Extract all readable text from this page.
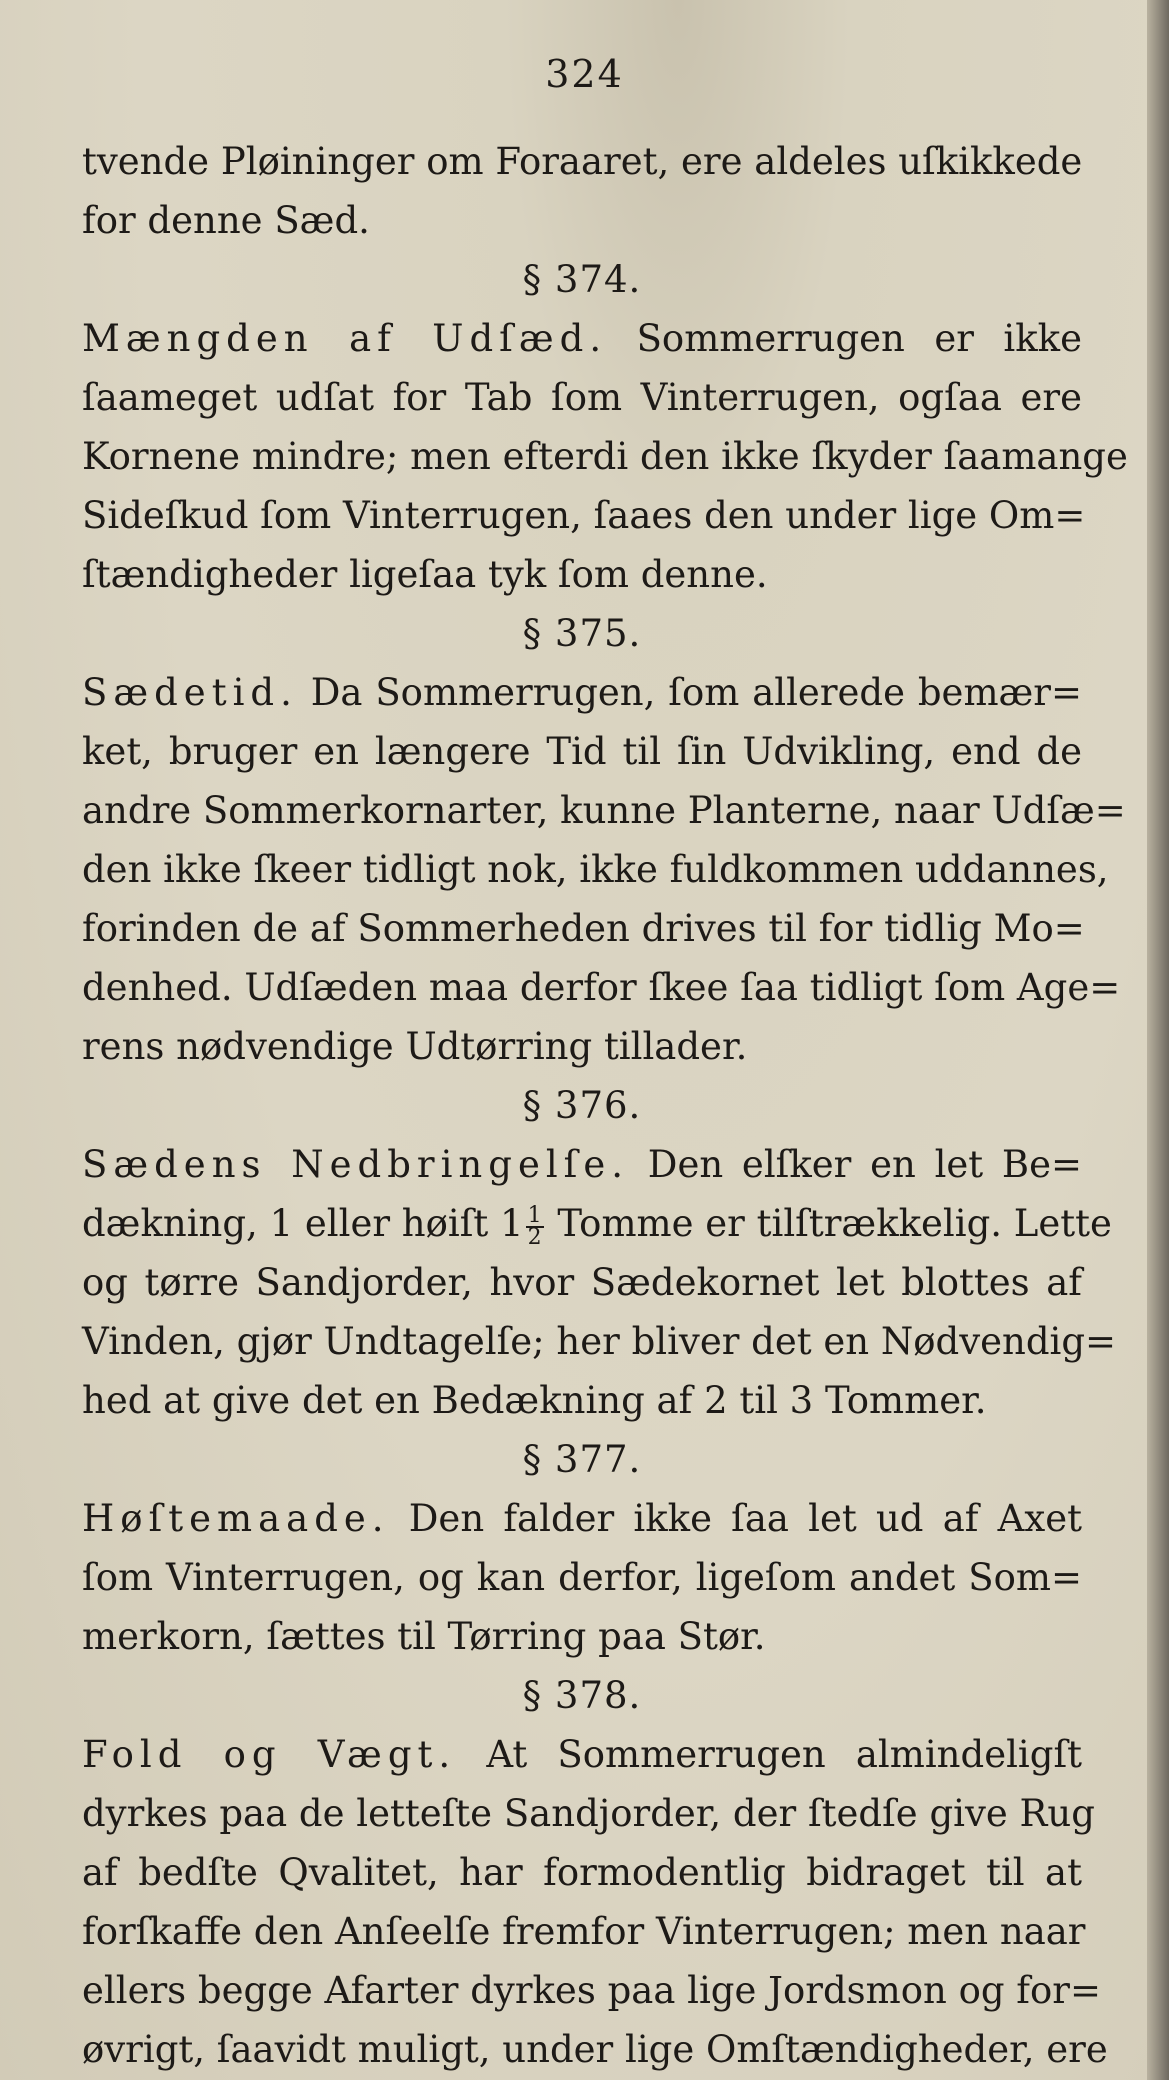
324
tvende Pløininger om Foraaret, ere aldeles uſkikkede
for denne Sæd.
§ 374.
Mængden af Udſæd. Sommerrugen er ikke
ſaameget udſat for Tab ſom Vinterrugen, ogſaa ere
Kornene mindre; men efterdi den ikke ſkyder ſaamange
Sideſkud ſom Vinterrugen, ſaaes den under lige Om=
ſtændigheder ligeſaa tyk ſom denne.
§ 375.
Sædetid. Da Sommerrugen, ſom allerede bemær=
ket, bruger en længere Tid til ſin Udvikling, end de
andre Sommerkornarter, kunne Planterne, naar Udſæ=
den ikke ſkeer tidligt nok, ikke fuldkommen uddannes,
forinden de af Sommerheden drives til for tidlig Mo=
denhed. Udſæden maa derfor ſkee ſaa tidligt ſom Age=
rens nødvendige Udtørring tillader.
§ 376.
Sædens Nedbringelſe. Den elſker en let Be=
dækning, 1 eller høiſt $1 \frac{1}{2}$ Tomme er tilſtrækkelig. Lette
og tørre Sandjorder, hvor Sædekornet let blottes af
Vinden, gjør Undtagelſe; her bliver det en Nødvendig=
hed at give det en Bedækning af 2 til 3 Tommer.
§ 377.
Høſtemaade. Den falder ikke ſaa let ud af Axet
ſom Vinterrugen, og kan derfor, ligeſom andet Som=
merkorn, ſættes til Tørring paa Stør.
§ 378.
Fold og Vægt. At Sommerrugen almindeligſt
dyrkes paa de letteſte Sandjorder, der ſtedſe give Rug
af bedſte Qvalitet, har formodentlig bidraget til at
forſkaffe den Anſeelſe fremfor Vinterrugen; men naar
ellers begge Afarter dyrkes paa lige Jordsmon og for=
øvrigt, ſaavidt muligt, under lige Omſtændigheder, ere
